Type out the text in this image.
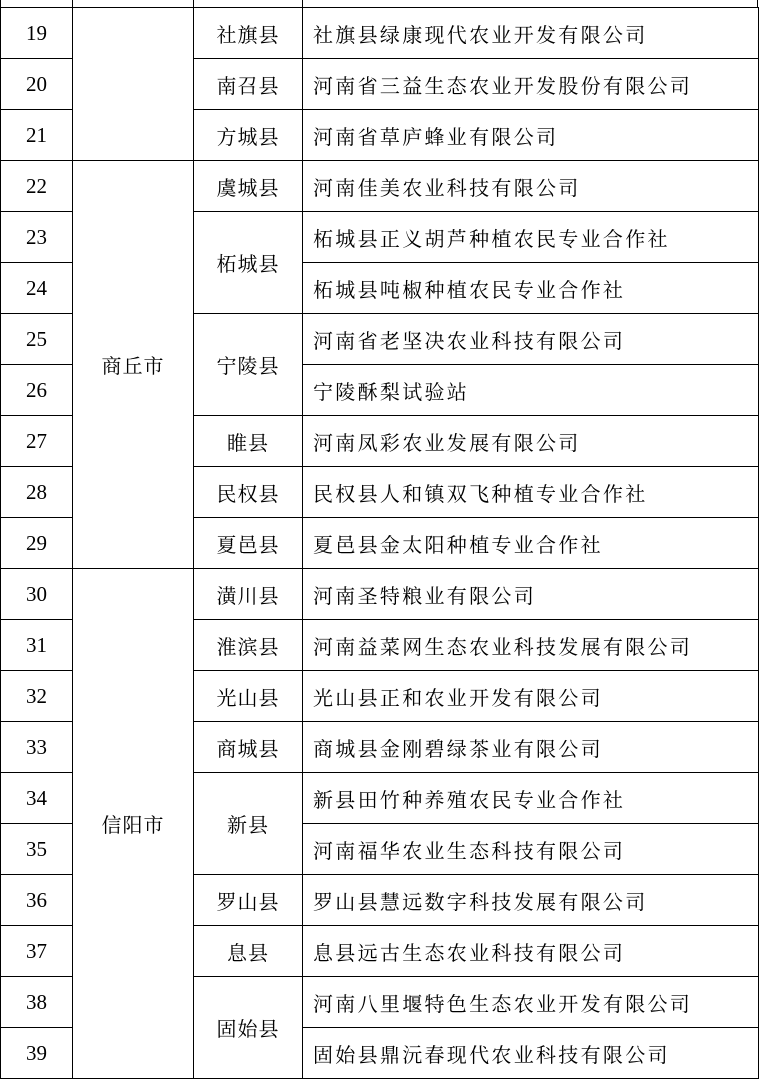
19		社旗县	社旗县绿康现代农业开发有限公司
20		南召县	河南省三益生态农业开发股份有限公司
21		方城县	河南省草庐蜂业有限公司
22	商丘市	虞城县	河南佳美农业科技有限公司
23		柘城县	柘城县正义胡芦种植农民专业合作社
24			柘城县吨椒种植农民专业合作社
25		宁陵县	河南省老坚决农业科技有限公司
26			宁陵酥梨试验站
27		睢县	河南凤彩农业发展有限公司
28		民权县	民权县人和镇双飞种植专业合作社
29		夏邑县	夏邑县金太阳种植专业合作社
30	信阳市	潢川县	河南圣特粮业有限公司
31		淮滨县	河南益菜网生态农业科技发展有限公司
32		光山县	光山县正和农业开发有限公司
33		商城县	商城县金刚碧绿茶业有限公司
34		新县	新县田竹种养殖农民专业合作社
35			河南福华农业生态科技有限公司
36		罗山县	罗山县慧远数字科技发展有限公司
37		息县	息县远古生态农业科技有限公司
38		固始县	河南八里堰特色生态农业开发有限公司
39			固始县鼎沅春现代农业科技有限公司
